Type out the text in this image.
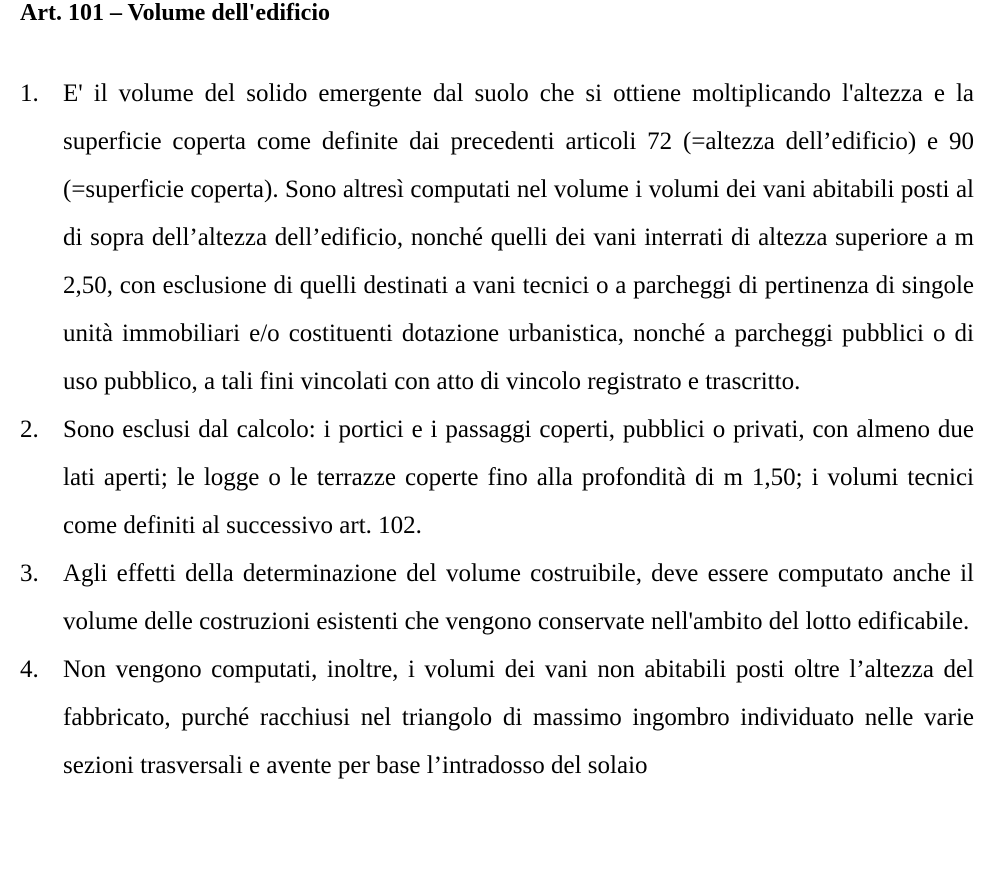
Art. 101 – Volume dell'edificio
1. E' il volume del solido emergente dal suolo che si ottiene moltiplicando l'altezza e la superficie coperta come definite dai precedenti articoli 72 (=altezza dell’edificio) e 90 (=superficie coperta). Sono altresì computati nel volume i volumi dei vani abitabili posti al di sopra dell’altezza dell’edificio, nonché quelli dei vani interrati di altezza superiore a m 2,50, con esclusione di quelli destinati a vani tecnici o a parcheggi di pertinenza di singole unità immobiliari e/o costituenti dotazione urbanistica, nonché a parcheggi pubblici o di uso pubblico, a tali fini vincolati con atto di vincolo registrato e trascritto.
2. Sono esclusi dal calcolo: i portici e i passaggi coperti, pubblici o privati, con almeno due lati aperti; le logge o le terrazze coperte fino alla profondità di m 1,50; i volumi tecnici come definiti al successivo art. 102.
3. Agli effetti della determinazione del volume costruibile, deve essere computato anche il volume delle costruzioni esistenti che vengono conservate nell'ambito del lotto edificabile.
4. Non vengono computati, inoltre, i volumi dei vani non abitabili posti oltre l’altezza del fabbricato, purché racchiusi nel triangolo di massimo ingombro individuato nelle varie sezioni trasversali e avente per base l’intradosso del solaio
